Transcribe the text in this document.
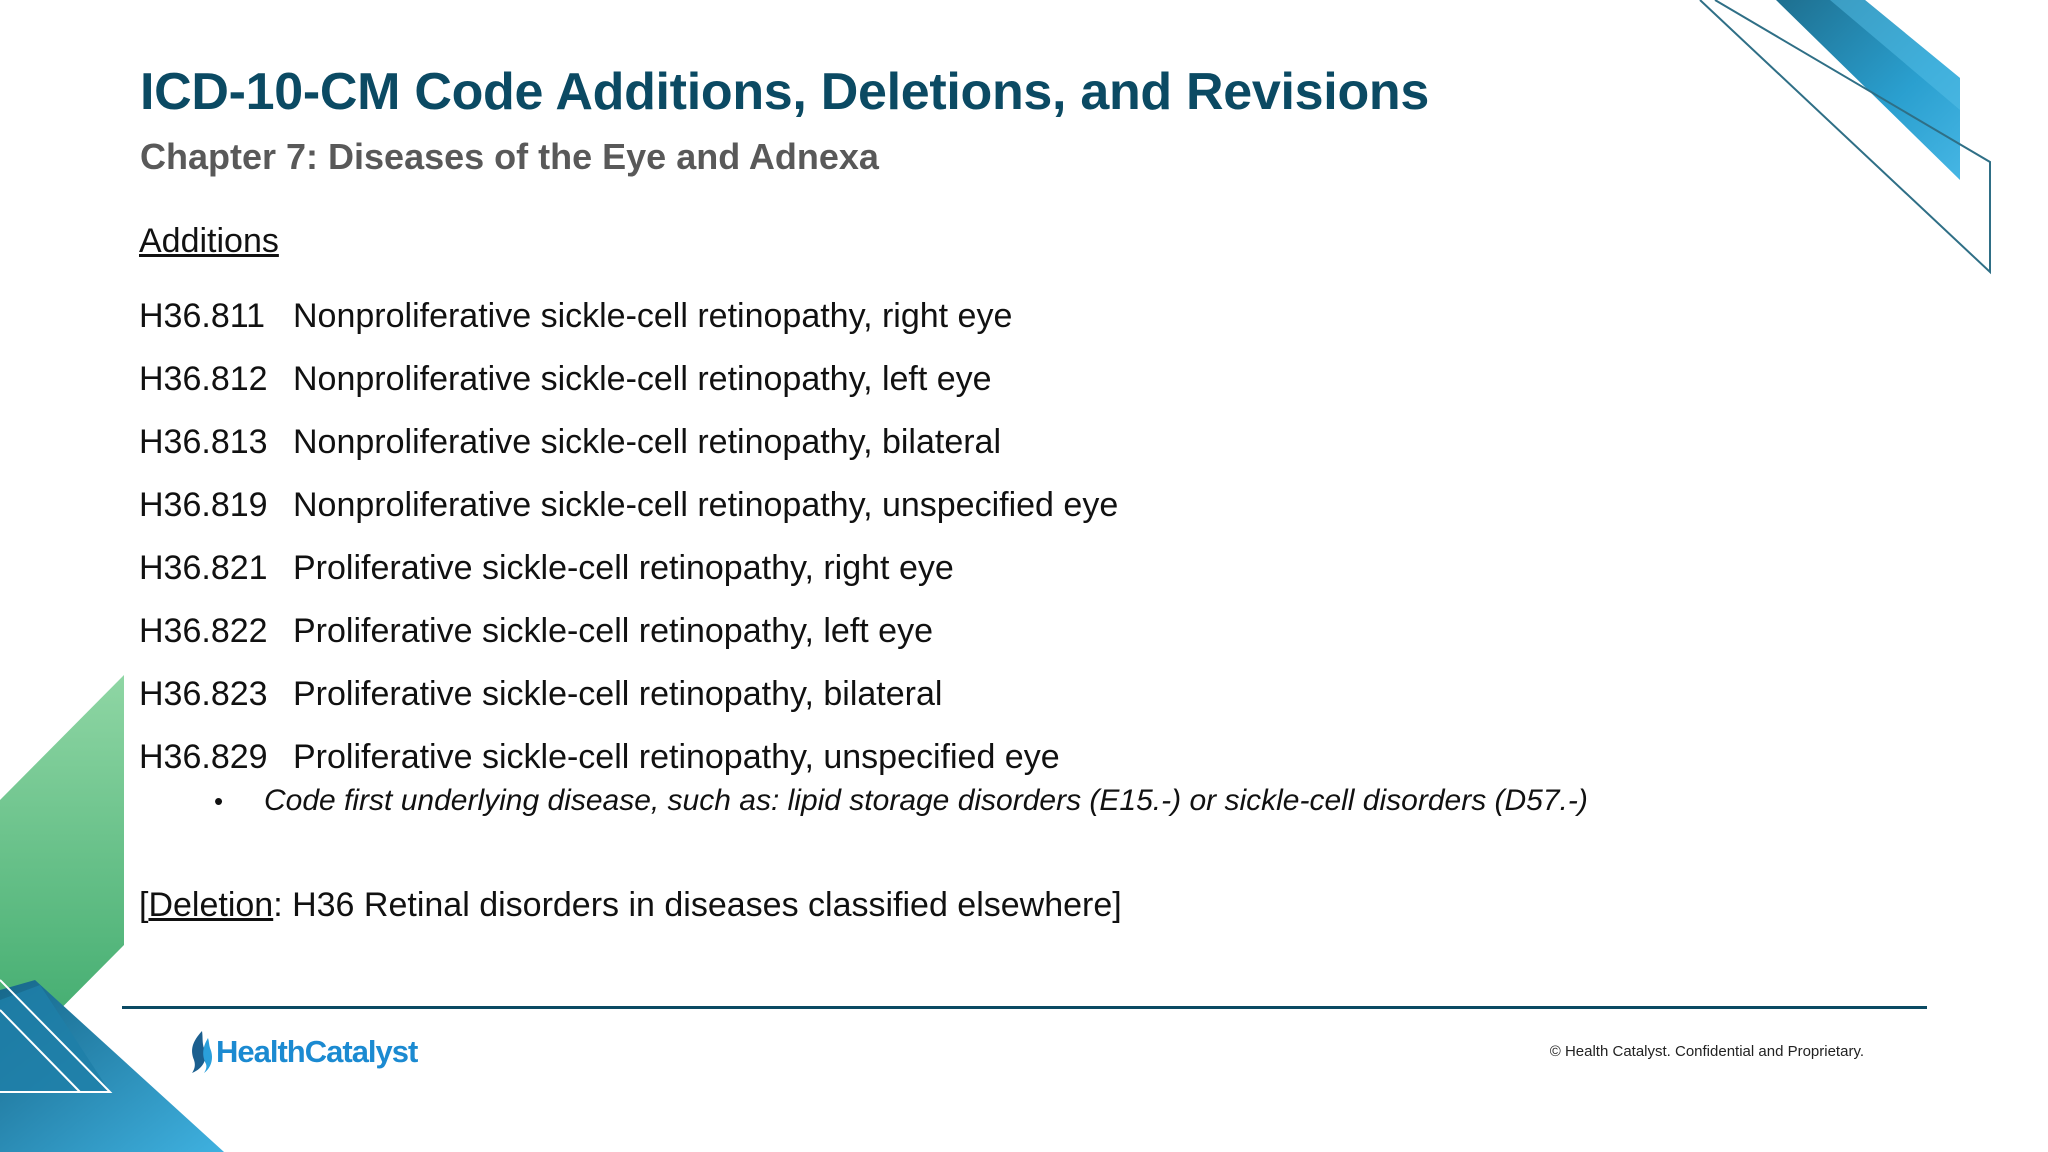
ICD-10-CM Code Additions, Deletions, and Revisions
Chapter 7: Diseases of the Eye and Adnexa
Additions
H36.811 Nonproliferative sickle-cell retinopathy, right eye
H36.812 Nonproliferative sickle-cell retinopathy, left eye
H36.813 Nonproliferative sickle-cell retinopathy, bilateral
H36.819 Nonproliferative sickle-cell retinopathy, unspecified eye
H36.821 Proliferative sickle-cell retinopathy, right eye
H36.822 Proliferative sickle-cell retinopathy, left eye
H36.823 Proliferative sickle-cell retinopathy, bilateral
H36.829 Proliferative sickle-cell retinopathy, unspecified eye
•	Code first underlying disease, such as: lipid storage disorders (E15.-) or sickle-cell disorders (D57.-)
[Deletion: H36 Retinal disorders in diseases classified elsewhere]
HealthCatalyst	© Health Catalyst. Confidential and Proprietary.
